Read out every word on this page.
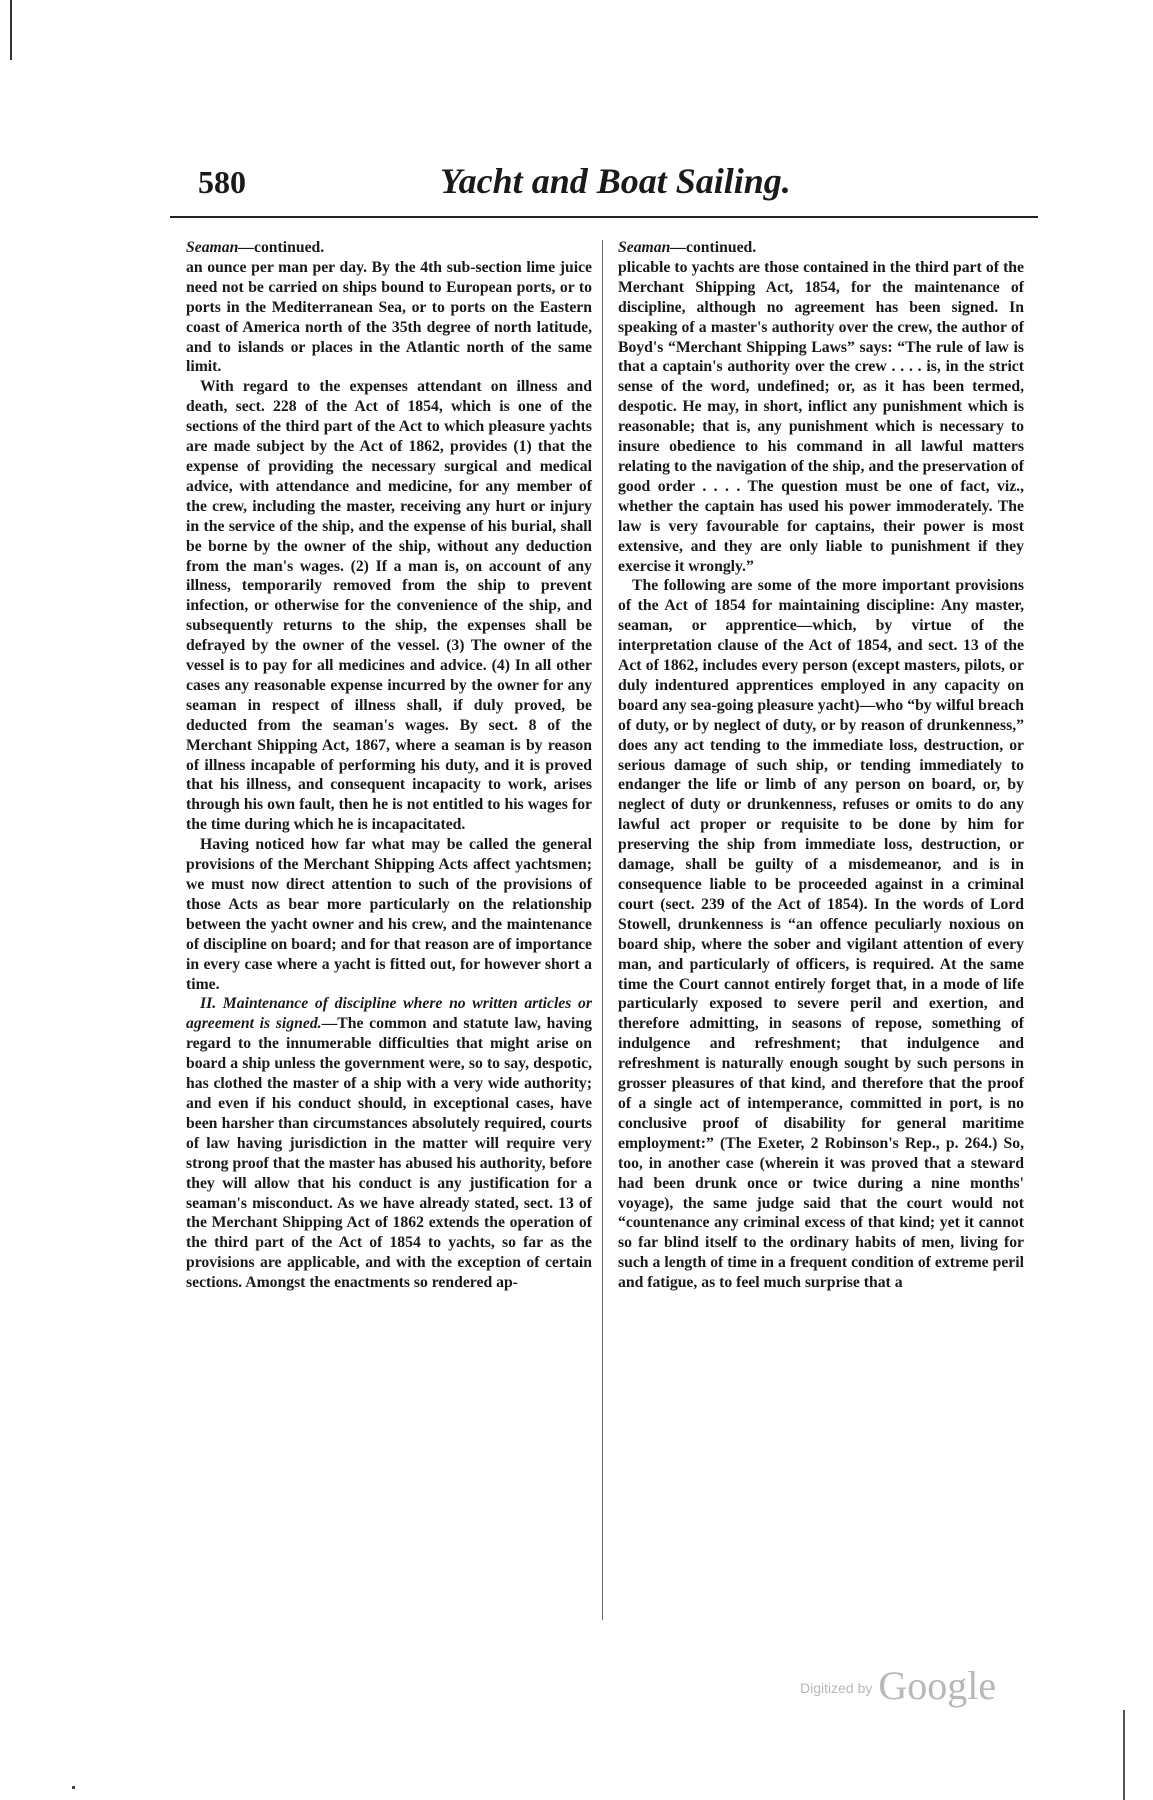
580	Yacht and Boat Sailing.

Seaman—continued.

an ounce per man per day. By the 4th sub-section lime juice need not be carried on ships bound to European ports, or to ports in the Mediterranean Sea, or to ports on the Eastern coast of America north of the 35th degree of north latitude, and to islands or places in the Atlantic north of the same limit.

With regard to the expenses attendant on illness and death, sect. 228 of the Act of 1854, which is one of the sections of the third part of the Act to which pleasure yachts are made subject by the Act of 1862, provides (1) that the expense of providing the necessary surgical and medical advice, with attendance and medicine, for any member of the crew, including the master, receiving any hurt or injury in the service of the ship, and the expense of his burial, shall be borne by the owner of the ship, without any deduction from the man's wages. (2) If a man is, on account of any illness, temporarily removed from the ship to prevent infection, or otherwise for the convenience of the ship, and subsequently returns to the ship, the expenses shall be defrayed by the owner of the vessel. (3) The owner of the vessel is to pay for all medicines and advice. (4) In all other cases any reasonable expense incurred by the owner for any seaman in respect of illness shall, if duly proved, be deducted from the seaman's wages. By sect. 8 of the Merchant Shipping Act, 1867, where a seaman is by reason of illness incapable of performing his duty, and it is proved that his illness, and consequent incapacity to work, arises through his own fault, then he is not entitled to his wages for the time during which he is incapacitated.

Having noticed how far what may be called the general provisions of the Merchant Shipping Acts affect yachtsmen; we must now direct attention to such of the provisions of those Acts as bear more particularly on the relationship between the yacht owner and his crew, and the maintenance of discipline on board; and for that reason are of importance in every case where a yacht is fitted out, for however short a time.

II. Maintenance of discipline where no written articles or agreement is signed.—The common and statute law, having regard to the innumerable difficulties that might arise on board a ship unless the government were, so to say, despotic, has clothed the master of a ship with a very wide authority; and even if his conduct should, in exceptional cases, have been harsher than circumstances absolutely required, courts of law having jurisdiction in the matter will require very strong proof that the master has abused his authority, before they will allow that his conduct is any justification for a seaman's misconduct. As we have already stated, sect. 13 of the Merchant Shipping Act of 1862 extends the operation of the third part of the Act of 1854 to yachts, so far as the provisions are applicable, and with the exception of certain sections. Amongst the enactments so rendered ap-

Seaman—continued.

plicable to yachts are those contained in the third part of the Merchant Shipping Act, 1854, for the maintenance of discipline, although no agreement has been signed. In speaking of a master's authority over the crew, the author of Boyd's “Merchant Shipping Laws” says: “The rule of law is that a captain's authority over the crew . . . . is, in the strict sense of the word, undefined; or, as it has been termed, despotic. He may, in short, inflict any punishment which is reasonable; that is, any punishment which is necessary to insure obedience to his command in all lawful matters relating to the navigation of the ship, and the preservation of good order . . . . The question must be one of fact, viz., whether the captain has used his power immoderately. The law is very favourable for captains, their power is most extensive, and they are only liable to punishment if they exercise it wrongly.”

The following are some of the more important provisions of the Act of 1854 for maintaining discipline: Any master, seaman, or apprentice—which, by virtue of the interpretation clause of the Act of 1854, and sect. 13 of the Act of 1862, includes every person (except masters, pilots, or duly indentured apprentices employed in any capacity on board any sea-going pleasure yacht)—who “by wilful breach of duty, or by neglect of duty, or by reason of drunkenness,” does any act tending to the immediate loss, destruction, or serious damage of such ship, or tending immediately to endanger the life or limb of any person on board, or, by neglect of duty or drunkenness, refuses or omits to do any lawful act proper or requisite to be done by him for preserving the ship from immediate loss, destruction, or damage, shall be guilty of a misdemeanor, and is in consequence liable to be proceeded against in a criminal court (sect. 239 of the Act of 1854). In the words of Lord Stowell, drunkenness is “an offence peculiarly noxious on board ship, where the sober and vigilant attention of every man, and particularly of officers, is required. At the same time the Court cannot entirely forget that, in a mode of life particularly exposed to severe peril and exertion, and therefore admitting, in seasons of repose, something of indulgence and refreshment; that indulgence and refreshment is naturally enough sought by such persons in grosser pleasures of that kind, and therefore that the proof of a single act of intemperance, committed in port, is no conclusive proof of disability for general maritime employment:” (The Exeter, 2 Robinson's Rep., p. 264.) So, too, in another case (wherein it was proved that a steward had been drunk once or twice during a nine months' voyage), the same judge said that the court would not “countenance any criminal excess of that kind; yet it cannot so far blind itself to the ordinary habits of men, living for such a length of time in a frequent condition of extreme peril and fatigue, as to feel much surprise that a

Digitized by Google
